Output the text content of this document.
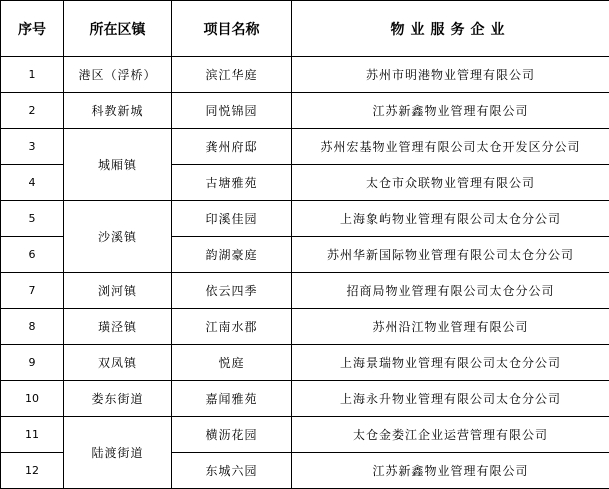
序号	所在区镇	项目名称	物业服务企业
1	港区（浮桥）	滨江华庭	苏州市明港物业管理有限公司
2	科教新城	同悦锦园	江苏新鑫物业管理有限公司
3	城厢镇	龚州府邸	苏州宏基物业管理有限公司太仓开发区分公司
4		古塘雅苑	太仓市众联物业管理有限公司
5	沙溪镇	印溪佳园	上海象屿物业管理有限公司太仓分公司
6		韵湖豪庭	苏州华新国际物业管理有限公司太仓分公司
7	浏河镇	依云四季	招商局物业管理有限公司太仓分公司
8	璜泾镇	江南水郡	苏州沿江物业管理有限公司
9	双凤镇	悦庭	上海景瑞物业管理有限公司太仓分公司
10	娄东街道	嘉闻雅苑	上海永升物业管理有限公司太仓分公司
11	陆渡街道	横沥花园	太仓金娄江企业运营管理有限公司
12		东城六园	江苏新鑫物业管理有限公司
